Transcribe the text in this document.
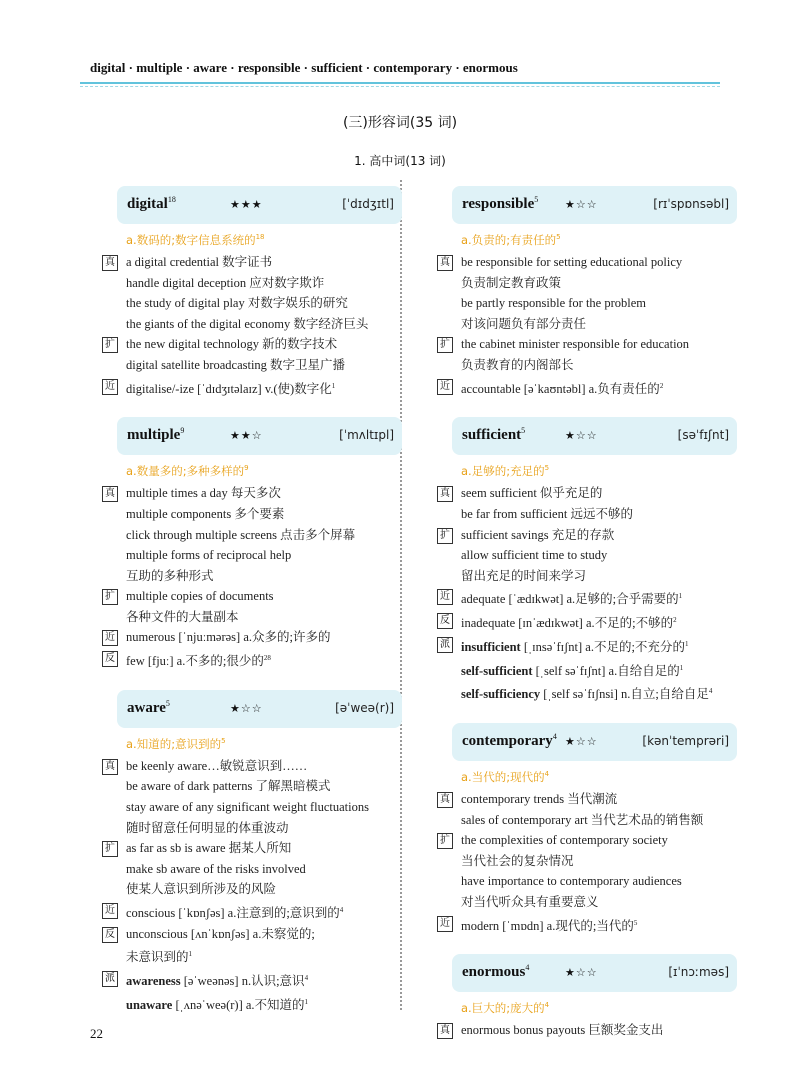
digital · multiple · aware · responsible · sufficient · contemporary · enormous
(三)形容词(35 词)
1. 高中词(13 词)
digital$^{18}$	★★★	[ˈdɪdʒɪtl]
a.数码的;数字信息系统的$^{18}$
真 a digital credential 数字证书
handle digital deception 应对数字欺诈
the study of digital play 对数字娱乐的研究
the giants of the digital economy 数字经济巨头
扩 the new digital technology 新的数字技术
digital satellite broadcasting 数字卫星广播
近 digitalise/-ize [ˈdɪdʒɪtəlaɪz] v.(使)数字化$^1$
multiple$^9$	★★☆	[ˈmʌltɪpl]
a.数量多的;多种多样的$^9$
真 multiple times a day 每天多次
multiple components 多个要素
click through multiple screens 点击多个屏幕
multiple forms of reciprocal help
互助的多种形式
扩 multiple copies of documents
各种文件的大量副本
近 numerous [ˈnjuːmərəs] a.众多的;许多的
反 few [fjuː] a.不多的;很少的$^{28}$
aware$^5$	★☆☆	[əˈweə(r)]
a.知道的;意识到的$^5$
真 be keenly aware…敏锐意识到……
be aware of dark patterns 了解黑暗模式
stay aware of any significant weight fluctuations
随时留意任何明显的体重波动
扩 as far as sb is aware 据某人所知
make sb aware of the risks involved
使某人意识到所涉及的风险
近 conscious [ˈkɒnʃəs] a.注意到的;意识到的$^4$
反 unconscious [ʌnˈkɒnʃəs] a.未察觉的;
未意识到的$^1$
派 awareness [əˈweənəs] n.认识;意识$^4$
unaware [ˌʌnəˈweə(r)] a.不知道的$^1$
responsible$^5$ ★☆☆	[rɪˈspɒnsəbl]
a.负责的;有责任的$^5$
真 be responsible for setting educational policy
负责制定教育政策
be partly responsible for the problem
对该问题负有部分责任
扩 the cabinet minister responsible for education
负责教育的内阁部长
近 accountable [əˈkaʊntəbl] a.负有责任的$^2$
sufficient$^5$	★☆☆	[səˈfɪʃnt]
a.足够的;充足的$^5$
真 seem sufficient 似乎充足的
be far from sufficient 远远不够的
扩 sufficient savings 充足的存款
allow sufficient time to study
留出充足的时间来学习
近 adequate [ˈædɪkwət] a.足够的;合乎需要的$^1$
反 inadequate [ɪnˈædɪkwət] a.不足的;不够的$^2$
派 insufficient [ˌɪnsəˈfɪʃnt] a.不足的;不充分的$^1$
self-sufficient [ˌself səˈfɪʃnt] a.自给自足的$^1$
self-sufficiency [ˌself səˈfɪʃnsi] n.自立;自给自足$^4$
contemporary$^4$ ★☆☆	[kənˈtemprəri]
a.当代的;现代的$^4$
真 contemporary trends 当代潮流
sales of contemporary art 当代艺术品的销售额
扩 the complexities of contemporary society
当代社会的复杂情况
have importance to contemporary audiences
对当代听众具有重要意义
近 modern [ˈmɒdn] a.现代的;当代的$^5$
enormous$^4$	★☆☆	[ɪˈnɔːməs]
a.巨大的;庞大的$^4$
真 enormous bonus payouts 巨额奖金支出
22
